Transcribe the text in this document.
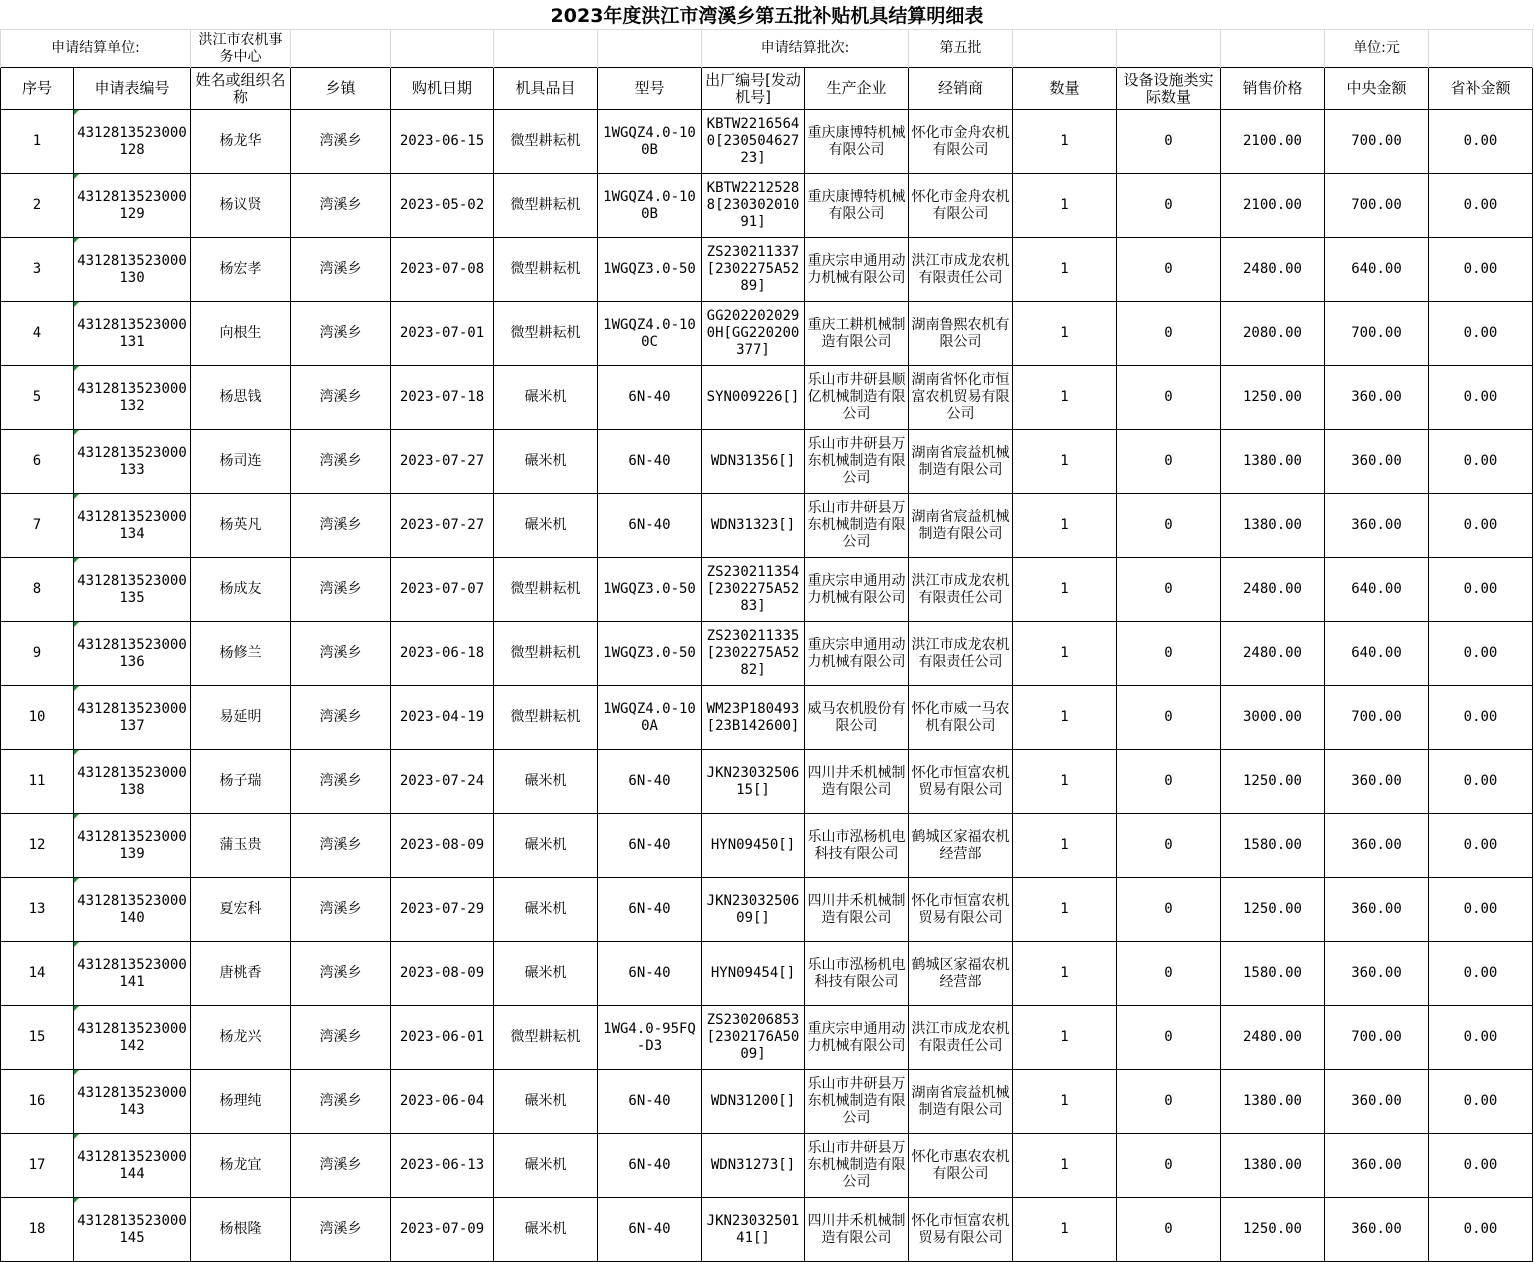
2023年度洪江市湾溪乡第五批补贴机具结算明细表
申请结算单位:		洪江市农机事务中心					申请结算批次:		第五批				单位:元	
序号	申请表编号	姓名或组织名称	乡镇	购机日期	机具品目	型号	出厂编号[发动机号]	生产企业	经销商	数量	设备设施类实际数量	销售价格	中央金额	省补金额
1	4312813523000128	杨龙华	湾溪乡	2023-06-15	微型耕耘机	1WGQZ4.0-100B	KBTW22165640[230504627 23]	重庆康博特机械有限公司	怀化市金舟农机有限公司	1	0	2100.00	700.00	0.00
2	4312813523000129	杨议贤	湾溪乡	2023-05-02	微型耕耘机	1WGQZ4.0-100B	KBTW22125288[23030201091]	重庆康博特机械有限公司	怀化市金舟农机有限公司	1	0	2100.00	700.00	0.00
3	4312813523000130	杨宏孝	湾溪乡	2023-07-08	微型耕耘机	1WGQZ3.0-50	ZS230211337[2302275A5289]	重庆宗申通用动力机械有限公司	洪江市成龙农机有限责任公司	1	0	2480.00	640.00	0.00
4	4312813523000131	向根生	湾溪乡	2023-07-01	微型耕耘机	1WGQZ4.0-100C	GG2022020290H[GG220200377]	重庆工耕机械制造有限公司	湖南鲁熙农机有限公司	1	0	2080.00	700.00	0.00
5	4312813523000132	杨思钱	湾溪乡	2023-07-18	碾米机	6N-40	SYN009226[]	乐山市井研县顺亿机械制造有限公司	湖南省怀化市恒富农机贸易有限公司	1	0	1250.00	360.00	0.00
6	4312813523000133	杨司连	湾溪乡	2023-07-27	碾米机	6N-40	WDN31356[]	乐山市井研县万东机械制造有限公司	湖南省宸益机械制造有限公司	1	0	1380.00	360.00	0.00
7	4312813523000134	杨英凡	湾溪乡	2023-07-27	碾米机	6N-40	WDN31323[]	乐山市井研县万东机械制造有限公司	湖南省宸益机械制造有限公司	1	0	1380.00	360.00	0.00
8	4312813523000135	杨成友	湾溪乡	2023-07-07	微型耕耘机	1WGQZ3.0-50	ZS230211354[2302275A5283]	重庆宗申通用动力机械有限公司	洪江市成龙农机有限责任公司	1	0	2480.00	640.00	0.00
9	4312813523000136	杨修兰	湾溪乡	2023-06-18	微型耕耘机	1WGQZ3.0-50	ZS230211335[2302275A5282]	重庆宗申通用动力机械有限公司	洪江市成龙农机有限责任公司	1	0	2480.00	640.00	0.00
10	4312813523000137	易延明	湾溪乡	2023-04-19	微型耕耘机	1WGQZ4.0-100A	WM23P180493[23B142600]	威马农机股份有限公司	怀化市威一马农机有限公司	1	0	3000.00	700.00	0.00
11	4312813523000138	杨子瑞	湾溪乡	2023-07-24	碾米机	6N-40	JKN2303250615[]	四川井禾机械制造有限公司	怀化市恒富农机贸易有限公司	1	0	1250.00	360.00	0.00
12	4312813523000139	蒲玉贵	湾溪乡	2023-08-09	碾米机	6N-40	HYN09450[]	乐山市泓杨机电科技有限公司	鹤城区家福农机经营部	1	0	1580.00	360.00	0.00
13	4312813523000140	夏宏科	湾溪乡	2023-07-29	碾米机	6N-40	JKN2303250609[]	四川井禾机械制造有限公司	怀化市恒富农机贸易有限公司	1	0	1250.00	360.00	0.00
14	4312813523000141	唐桃香	湾溪乡	2023-08-09	碾米机	6N-40	HYN09454[]	乐山市泓杨机电科技有限公司	鹤城区家福农机经营部	1	0	1580.00	360.00	0.00
15	4312813523000142	杨龙兴	湾溪乡	2023-06-01	微型耕耘机	1WG4.0-95FQ-D3	ZS230206853[2302176A5009]	重庆宗申通用动力机械有限公司	洪江市成龙农机有限责任公司	1	0	2480.00	700.00	0.00
16	4312813523000143	杨理纯	湾溪乡	2023-06-04	碾米机	6N-40	WDN31200[]	乐山市井研县万东机械制造有限公司	湖南省宸益机械制造有限公司	1	0	1380.00	360.00	0.00
17	4312813523000144	杨龙宜	湾溪乡	2023-06-13	碾米机	6N-40	WDN31273[]	乐山市井研县万东机械制造有限公司	怀化市惠农农机有限公司	1	0	1380.00	360.00	0.00
18	4312813523000145	杨根隆	湾溪乡	2023-07-09	碾米机	6N-40	JKN2303250141[]	四川井禾机械制造有限公司	怀化市恒富农机贸易有限公司	1	0	1250.00	360.00	0.00
